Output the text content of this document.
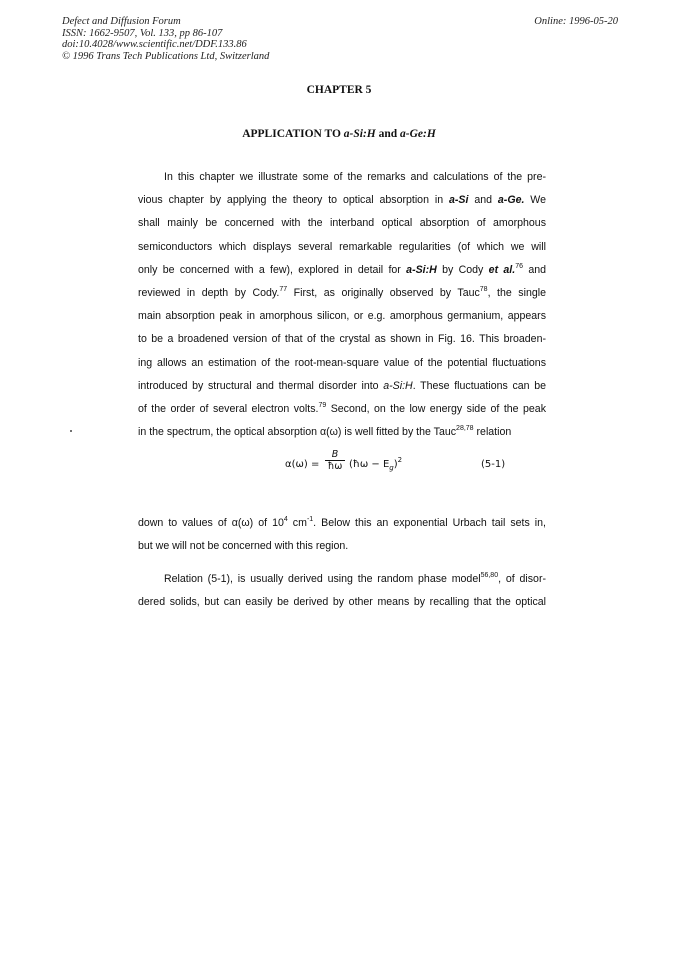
Defect and Diffusion Forum
ISSN: 1662-9507, Vol. 133, pp 86-107
doi:10.4028/www.scientific.net/DDF.133.86
© 1996 Trans Tech Publications Ltd, Switzerland
Online: 1996-05-20
CHAPTER 5
APPLICATION TO a-Si:H and a-Ge:H
In this chapter we illustrate some of the remarks and calculations of the pre-
vious chapter by applying the theory to optical absorption in a-Si and a-Ge. We
shall mainly be concerned with the interband optical absorption of amorphous
semiconductors which displays several remarkable regularities (of which we will
only be concerned with a few), explored in detail for a-Si:H by Cody et al.$^{76}$ and
reviewed in depth by Cody.$^{77}$ First, as originally observed by Tauc$^{78}$, the single
main absorption peak in amorphous silicon, or e.g. amorphous germanium, appears
to be a broadened version of that of the crystal as shown in Fig. 16. This broaden-
ing allows an estimation of the root-mean-square value of the potential fluctuations
introduced by structural and thermal disorder into a-Si:H. These fluctuations can be
of the order of several electron volts.$^{79}$ Second, on the low energy side of the peak
in the spectrum, the optical absorption α(ω) is well fitted by the Tauc$^{28,78}$ relation
$\alpha(\omega) = \frac{B}{ħ\omega}$ (ħω − $E_g)^2$	(5-1)
down to values of α(ω) of $10^4$ $cm^{-1}$. Below this an exponential Urbach tail sets in,
but we will not be concerned with this region.
Relation (5-1), is usually derived using the random phase model$^{56,80}$, of disor-
dered solids, but can easily be derived by other means by recalling that the optical
